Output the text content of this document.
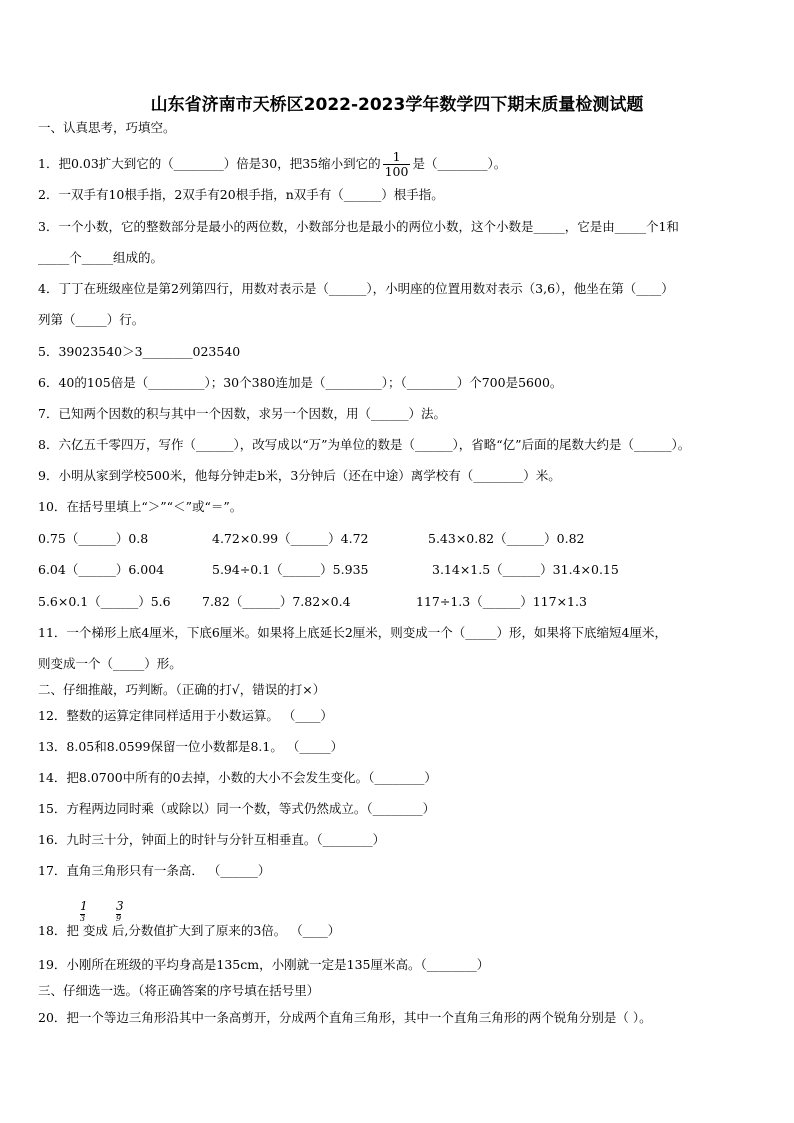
山东省济南市天桥区2022-2023学年数学四下期末质量检测试题
一、认真思考，巧填空。
1．把0.03扩大到它的（________）倍是30，把35缩小到它的 $\frac{1}{100}$ 是（________）。
2．一双手有10根手指，2双手有20根手指，n双手有（______）根手指。
3．一个小数，它的整数部分是最小的两位数，小数部分也是最小的两位小数，这个小数是_____，它是由_____个1和
_____个_____组成的。
4．丁丁在班级座位是第2列第四行，用数对表示是（______），小明座的位置用数对表示（3,6），他坐在第（____）
列第（_____）行。
5．39023540＞3________023540
6．40的105倍是（_________）；30个380连加是（_________）；（________）个700是5600。
7．已知两个因数的积与其中一个因数，求另一个因数，用（______）法。
8．六亿五千零四万，写作（______），改写成以“万”为单位的数是（______），省略“亿”后面的尾数大约是（______）。
9．小明从家到学校500米，他每分钟走b米，3分钟后（还在中途）离学校有（________）米。
10．在括号里填上“＞”“＜”或“＝”。
0.75（______）0.8	4.72×0.99（______）4.72	5.43×0.82（______）0.82
6.04（______）6.004	5.94÷0.1（______）5.935	3.14×1.5（______）31.4×0.15
5.6×0.1（______）5.6	7.82（______）7.82×0.4	117÷1.3（______）117×1.3
11．一个梯形上底4厘米，下底6厘米。如果将上底延长2厘米，则变成一个（_____）形，如果将下底缩短4厘米，
则变成一个（_____）形。
二、仔细推敲，巧判断。（正确的打√，错误的打×）
12．整数的运算定律同样适用于小数运算。 （____）
13．8.05和8.0599保留一位小数都是8.1。 （_____）
14．把8.0700中所有的0去掉，小数的大小不会发生变化。（________）
15．方程两边同时乘（或除以）同一个数，等式仍然成立。（________）
16．九时三十分，钟面上的时针与分针互相垂直。（________）
17．直角三角形只有一条高． （______）
1
3
3
9
18．把 变成 后,分数值扩大到了原来的3倍。 （____）
19．小刚所在班级的平均身高是135cm，小刚就一定是135厘米高。（________）
三、仔细选一选。（将正确答案的序号填在括号里）
20．把一个等边三角形沿其中一条高剪开，分成两个直角三角形，其中一个直角三角形的两个锐角分别是（ ）。
